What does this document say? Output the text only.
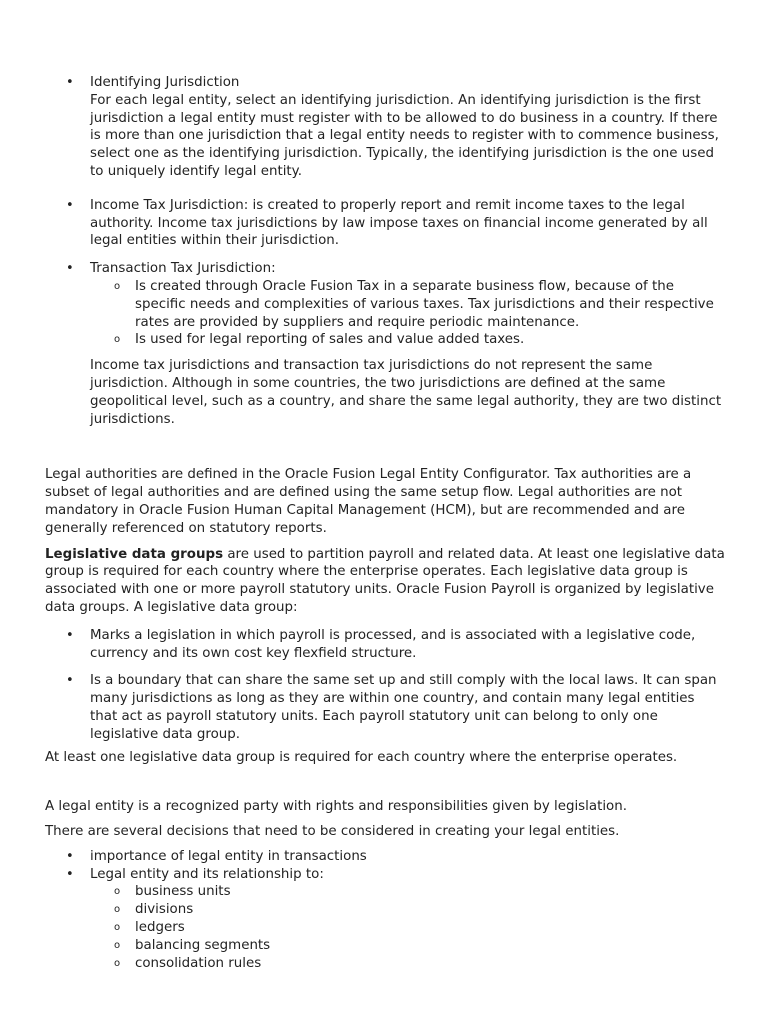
• Identifying Jurisdiction

For each legal entity, select an identifying jurisdiction. An identifying jurisdiction is the first jurisdiction a legal entity must register with to be allowed to do business in a country. If there is more than one jurisdiction that a legal entity needs to register with to commence business, select one as the identifying jurisdiction. Typically, the identifying jurisdiction is the one used to uniquely identify legal entity.

• Income Tax Jurisdiction: is created to properly report and remit income taxes to the legal authority. Income tax jurisdictions by law impose taxes on financial income generated by all legal entities within their jurisdiction.

• Transaction Tax Jurisdiction:

o Is created through Oracle Fusion Tax in a separate business flow, because of the specific needs and complexities of various taxes. Tax jurisdictions and their respective rates are provided by suppliers and require periodic maintenance.
o Is used for legal reporting of sales and value added taxes.

Income tax jurisdictions and transaction tax jurisdictions do not represent the same jurisdiction. Although in some countries, the two jurisdictions are defined at the same geopolitical level, such as a country, and share the same legal authority, they are two distinct jurisdictions.

Legal authorities are defined in the Oracle Fusion Legal Entity Configurator. Tax authorities are a subset of legal authorities and are defined using the same setup flow. Legal authorities are not mandatory in Oracle Fusion Human Capital Management (HCM), but are recommended and are generally referenced on statutory reports.

Legislative data groups are used to partition payroll and related data. At least one legislative data group is required for each country where the enterprise operates. Each legislative data group is associated with one or more payroll statutory units. Oracle Fusion Payroll is organized by legislative data groups. A legislative data group:

• Marks a legislation in which payroll is processed, and is associated with a legislative code, currency and its own cost key flexfield structure.

• Is a boundary that can share the same set up and still comply with the local laws. It can span many jurisdictions as long as they are within one country, and contain many legal entities that act as payroll statutory units. Each payroll statutory unit can belong to only one legislative data group.

At least one legislative data group is required for each country where the enterprise operates.

A legal entity is a recognized party with rights and responsibilities given by legislation.

There are several decisions that need to be considered in creating your legal entities.

• importance of legal entity in transactions

• Legal entity and its relationship to:

o business units
o divisions
o ledgers
o balancing segments
o consolidation rules
